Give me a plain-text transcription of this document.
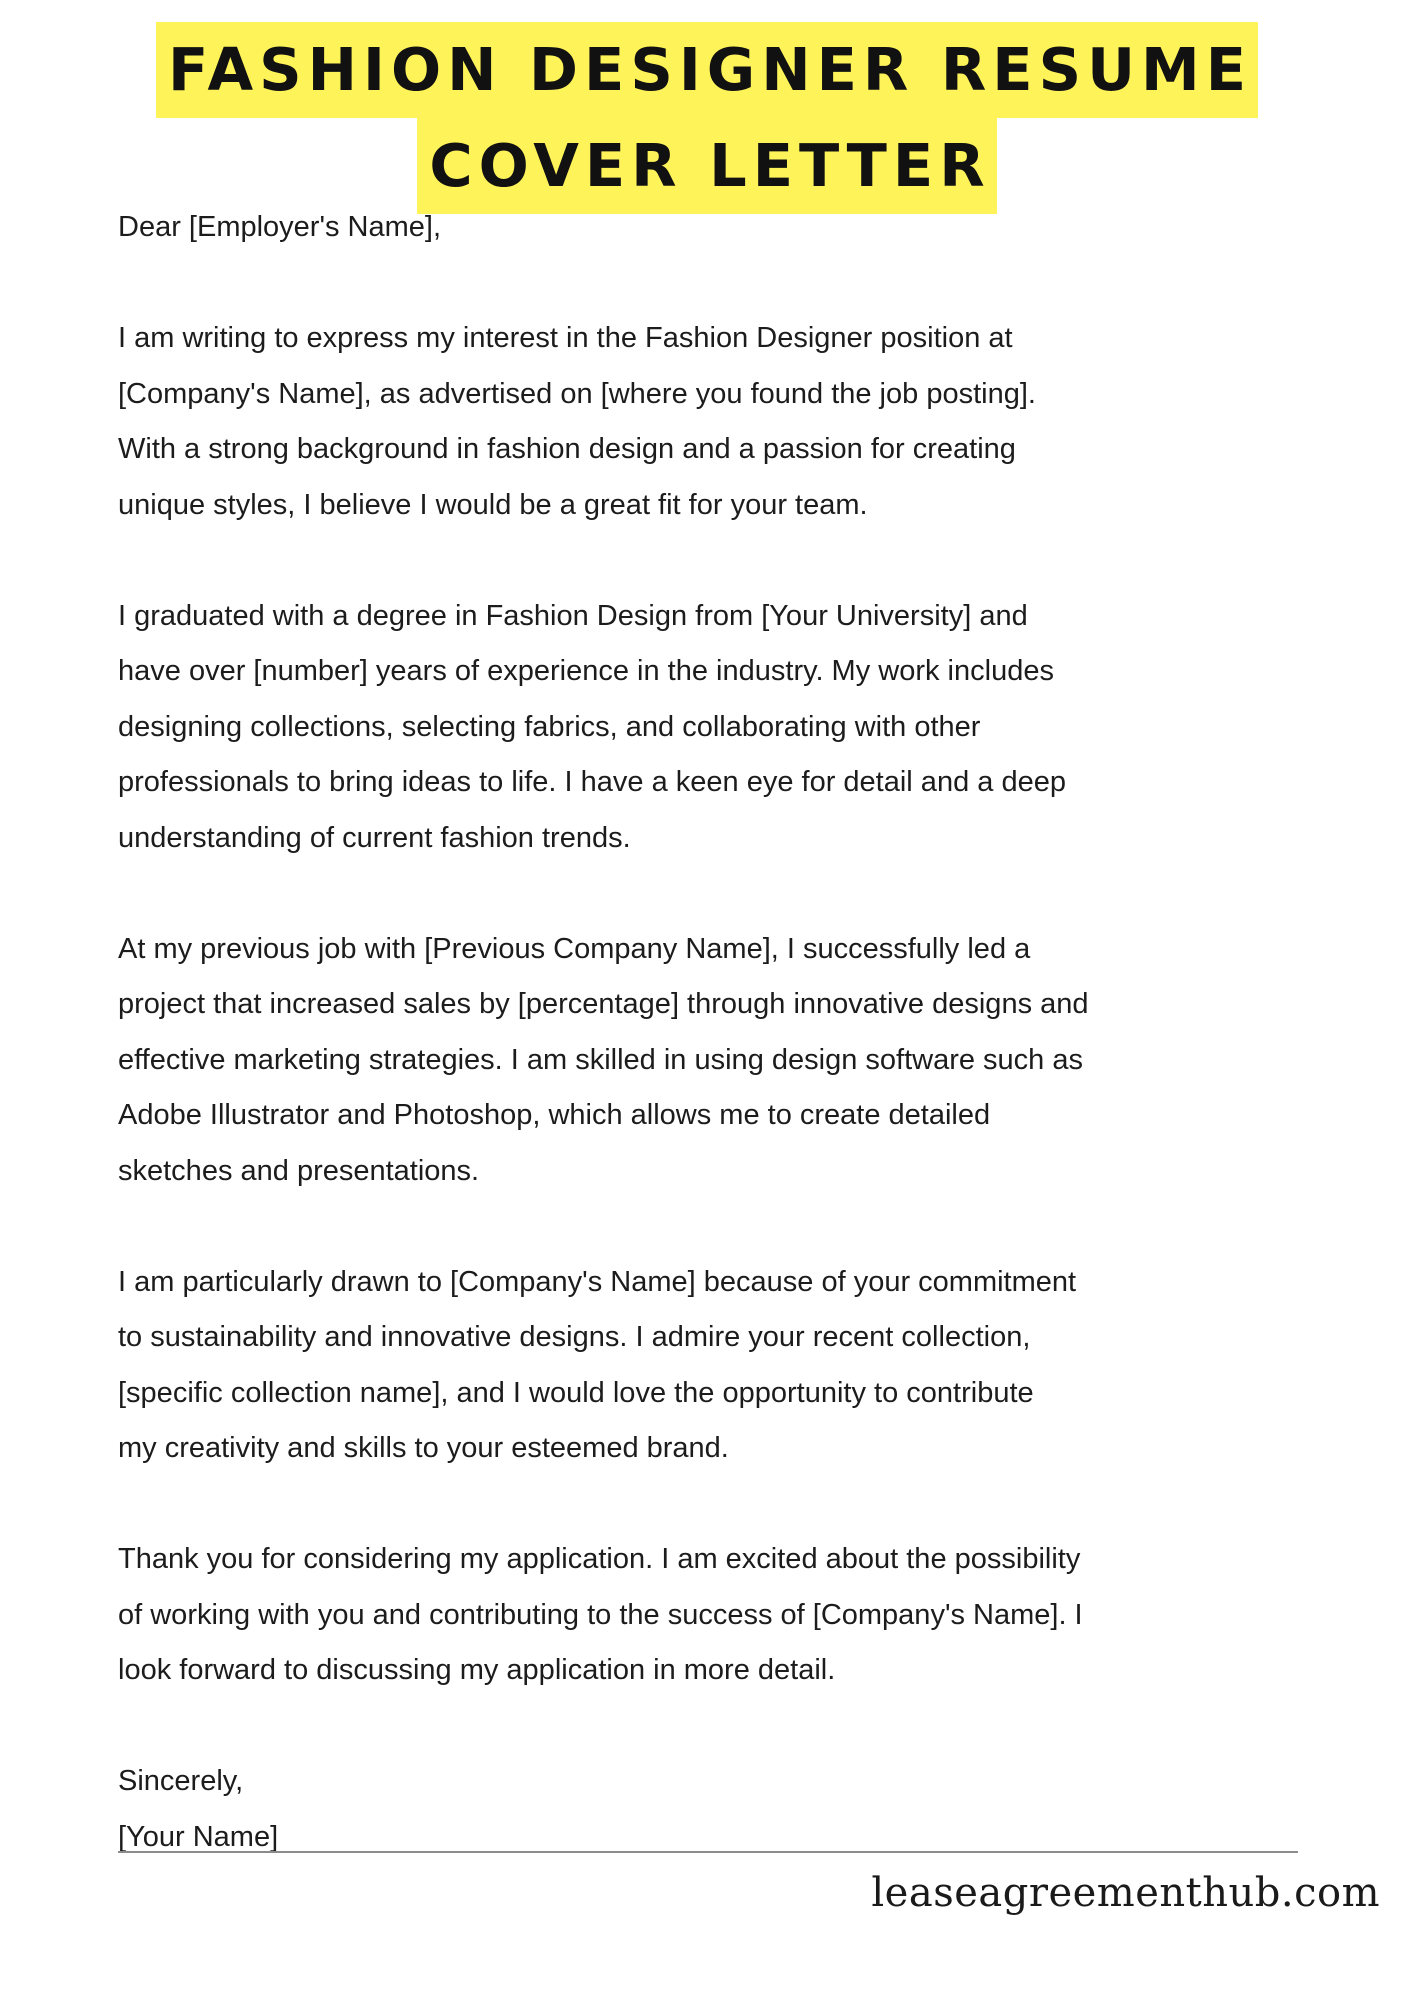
FASHION DESIGNER RESUME
COVER LETTER
Dear [Employer's Name],
I am writing to express my interest in the Fashion Designer position at
[Company's Name], as advertised on [where you found the job posting].
With a strong background in fashion design and a passion for creating
unique styles, I believe I would be a great fit for your team.
I graduated with a degree in Fashion Design from [Your University] and
have over [number] years of experience in the industry. My work includes
designing collections, selecting fabrics, and collaborating with other
professionals to bring ideas to life. I have a keen eye for detail and a deep
understanding of current fashion trends.
At my previous job with [Previous Company Name], I successfully led a
project that increased sales by [percentage] through innovative designs and
effective marketing strategies. I am skilled in using design software such as
Adobe Illustrator and Photoshop, which allows me to create detailed
sketches and presentations.
I am particularly drawn to [Company's Name] because of your commitment
to sustainability and innovative designs. I admire your recent collection,
[specific collection name], and I would love the opportunity to contribute
my creativity and skills to your esteemed brand.
Thank you for considering my application. I am excited about the possibility
of working with you and contributing to the success of [Company's Name]. I
look forward to discussing my application in more detail.
Sincerely,
[Your Name]
leaseagreementhub.com
